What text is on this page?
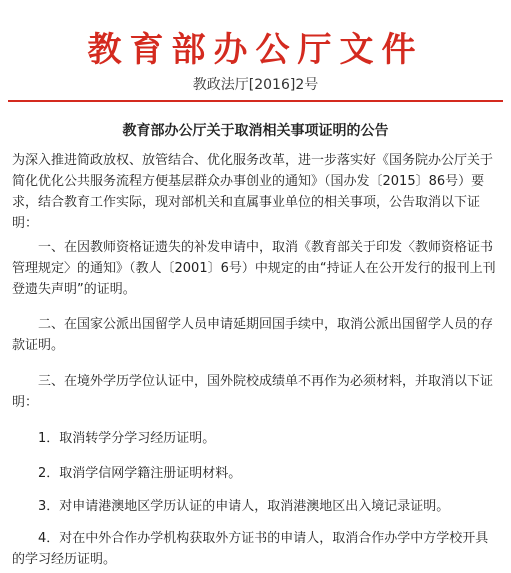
教育部办公厅文件
教政法厅[2016]2号
教育部办公厅关于取消相关事项证明的公告
为深入推进简政放权、放管结合、优化服务改革，进一步落实好《国务院办公厅关于简化优化公共服务流程方便基层群众办事创业的通知》（国办发〔2015〕86号）要求，结合教育工作实际，现对部机关和直属事业单位的相关事项，公告取消以下证明：
一、在因教师资格证遗失的补发申请中，取消《教育部关于印发〈教师资格证书管理规定〉的通知》（教人〔2001〕6号）中规定的由“持证人在公开发行的报刊上刊登遗失声明”的证明。
二、在国家公派出国留学人员申请延期回国手续中，取消公派出国留学人员的存款证明。
三、在境外学历学位认证中，国外院校成绩单不再作为必须材料，并取消以下证明：
1．取消转学分学习经历证明。
2．取消学信网学籍注册证明材料。
3．对申请港澳地区学历认证的申请人，取消港澳地区出入境记录证明。
4．对在中外合作办学机构获取外方证书的申请人，取消合作办学中方学校开具的学习经历证明。
